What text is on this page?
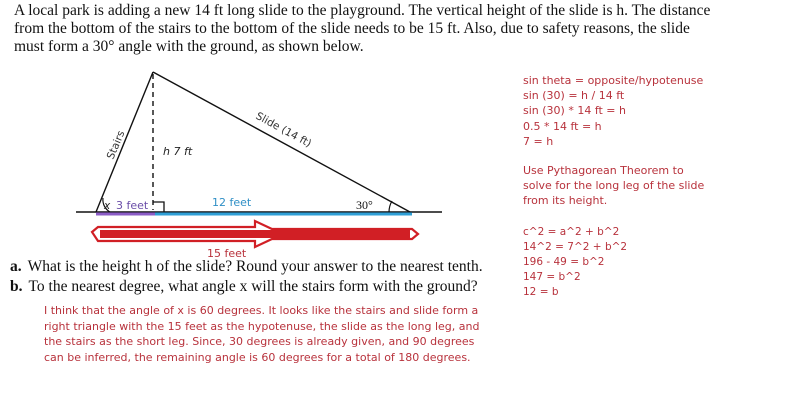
A local park is adding a new 14 ft long slide to the playground. The vertical height of the slide is h. The distance

from the bottom of the stairs to the bottom of the slide needs to be 15 ft. Also, due to safety reasons, the slide

must form a 30° angle with the ground, as shown below.

Stairs	Slide (14 ft)
h 7 ft
x 3 feet	12 feet	30°
15 feet
sin theta = opposite/hypotenuse
sin (30) = h / 14 ft
sin (30) * 14 ft = h
0.5 * 14 ft = h
7 = h
Use Pythagorean Theorem to
solve for the long leg of the slide
from its height.
c^2 = a^2 + b^2
14^2 = 7^2 + b^2
196 - 49 = b^2
147 = b^2
12 = b
a. What is the height h of the slide? Round your answer to the nearest tenth.
b. To the nearest degree, what angle x will the stairs form with the ground?
I think that the angle of x is 60 degrees. It looks like the stairs and slide form a
right triangle with the 15 feet as the hypotenuse, the slide as the long leg, and
the stairs as the short leg. Since, 30 degrees is already given, and 90 degrees
can be inferred, the remaining angle is 60 degrees for a total of 180 degrees.
